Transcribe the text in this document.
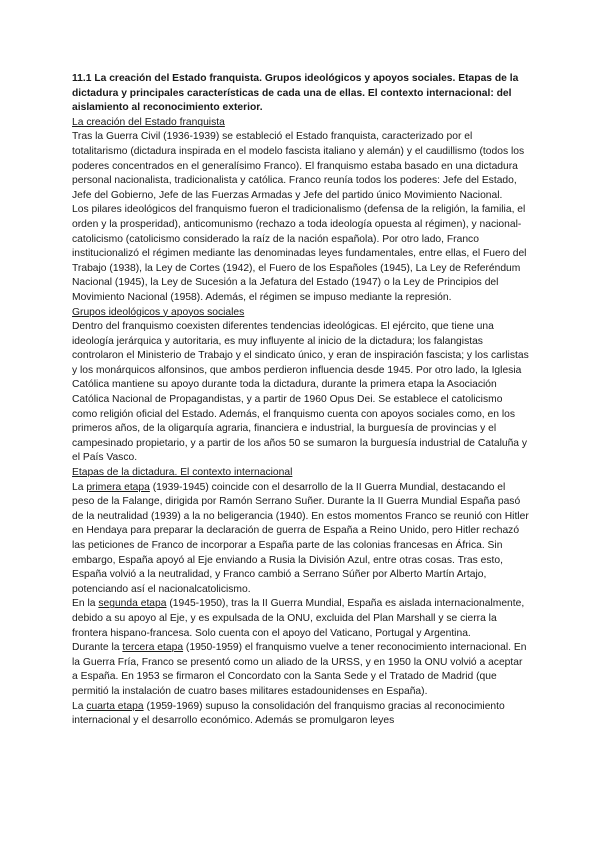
11.1 La creación del Estado franquista. Grupos ideológicos y apoyos sociales. Etapas de la dictadura y principales características de cada una de ellas. El contexto internacional: del aislamiento al reconocimiento exterior.

La creación del Estado franquista

Tras la Guerra Civil (1936-1939) se estableció el Estado franquista, caracterizado por el totalitarismo (dictadura inspirada en el modelo fascista italiano y alemán) y el caudillismo (todos los poderes concentrados en el generalísimo Franco). El franquismo estaba basado en una dictadura personal nacionalista, tradicionalista y católica. Franco reunía todos los poderes: Jefe del Estado, Jefe del Gobierno, Jefe de las Fuerzas Armadas y Jefe del partido único Movimiento Nacional.

Los pilares ideológicos del franquismo fueron el tradicionalismo (defensa de la religión, la familia, el orden y la prosperidad), anticomunismo (rechazo a toda ideología opuesta al régimen), y nacional-catolicismo (catolicismo considerado la raíz de la nación española). Por otro lado, Franco institucionalizó el régimen mediante las denominadas leyes fundamentales, entre ellas, el Fuero del Trabajo (1938), la Ley de Cortes (1942), el Fuero de los Españoles (1945), La Ley de Referéndum Nacional (1945), la Ley de Sucesión a la Jefatura del Estado (1947) o la Ley de Principios del Movimiento Nacional (1958). Además, el régimen se impuso mediante la represión.

Grupos ideológicos y apoyos sociales

Dentro del franquismo coexisten diferentes tendencias ideológicas. El ejército, que tiene una ideología jerárquica y autoritaria, es muy influyente al inicio de la dictadura; los falangistas controlaron el Ministerio de Trabajo y el sindicato único, y eran de inspiración fascista; y los carlistas y los monárquicos alfonsinos, que ambos perdieron influencia desde 1945. Por otro lado, la Iglesia Católica mantiene su apoyo durante toda la dictadura, durante la primera etapa la Asociación Católica Nacional de Propagandistas, y a partir de 1960 Opus Dei. Se establece el catolicismo como religión oficial del Estado. Además, el franquismo cuenta con apoyos sociales como, en los primeros años, de la oligarquía agraria, financiera e industrial, la burguesía de provincias y el campesinado propietario, y a partir de los años 50 se sumaron la burguesía industrial de Cataluña y el País Vasco.

Etapas de la dictadura. El contexto internacional

La primera etapa (1939-1945) coincide con el desarrollo de la II Guerra Mundial, destacando el peso de la Falange, dirigida por Ramón Serrano Suñer. Durante la II Guerra Mundial España pasó de la neutralidad (1939) a la no beligerancia (1940). En estos momentos Franco se reunió con Hitler en Hendaya para preparar la declaración de guerra de España a Reino Unido, pero Hitler rechazó las peticiones de Franco de incorporar a España parte de las colonias francesas en África. Sin embargo, España apoyó al Eje enviando a Rusia la División Azul, entre otras cosas. Tras esto, España volvió a la neutralidad, y Franco cambió a Serrano Súñer por Alberto Martín Artajo, potenciando así el nacionalcatolicismo.

En la segunda etapa (1945-1950), tras la II Guerra Mundial, España es aislada internacionalmente, debido a su apoyo al Eje, y es expulsada de la ONU, excluida del Plan Marshall y se cierra la frontera hispano-francesa. Solo cuenta con el apoyo del Vaticano, Portugal y Argentina.

Durante la tercera etapa (1950-1959) el franquismo vuelve a tener reconocimiento internacional. En la Guerra Fría, Franco se presentó como un aliado de la URSS, y en 1950 la ONU volvió a aceptar a España. En 1953 se firmaron el Concordato con la Santa Sede y el Tratado de Madrid (que permitió la instalación de cuatro bases militares estadounidenses en España).

La cuarta etapa (1959-1969) supuso la consolidación del franquismo gracias al reconocimiento internacional y el desarrollo económico. Además se promulgaron leyes
